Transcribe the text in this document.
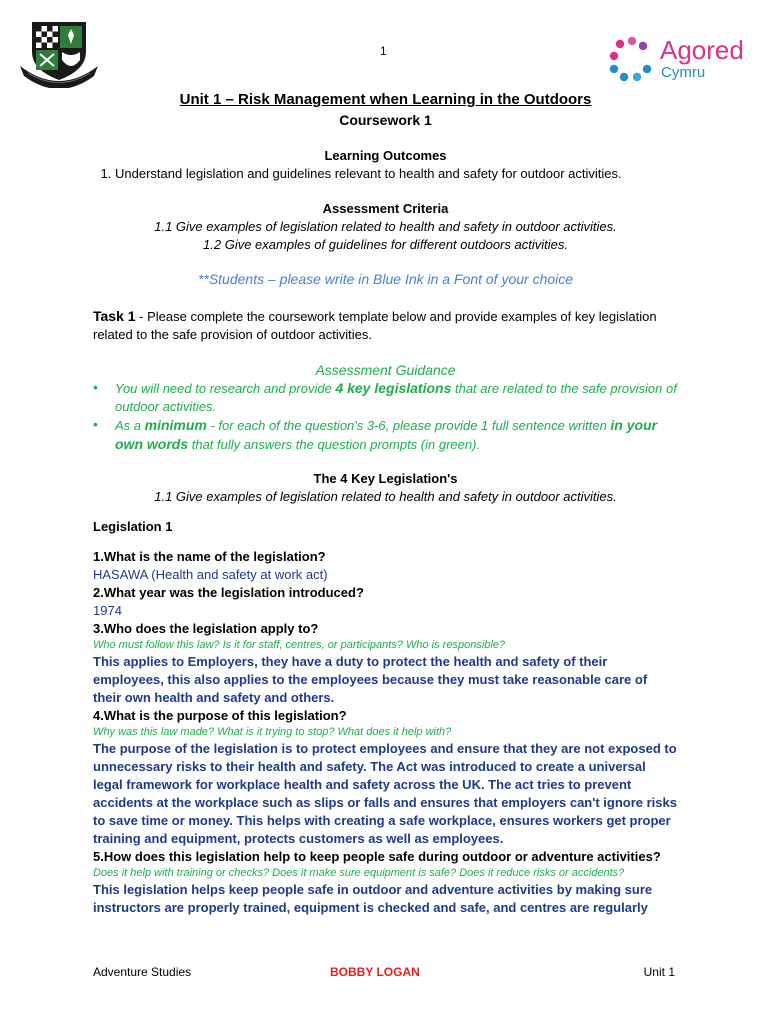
1	Agored
Cymru
Unit 1 – Risk Management when Learning in the Outdoors
Coursework 1
Learning Outcomes
1. Understand legislation and guidelines relevant to health and safety for outdoor activities.
Assessment Criteria
1.1 Give examples of legislation related to health and safety in outdoor activities.
1.2 Give examples of guidelines for different outdoors activities.
**Students – please write in Blue Ink in a Font of your choice
Task 1 - Please complete the coursework template below and provide examples of key legislation related to the safe provision of outdoor activities.
Assessment Guidance
• You will need to research and provide 4 key legislations that are related to the safe provision of outdoor activities.
• As a minimum - for each of the question's 3-6, please provide 1 full sentence written in your own words that fully answers the question prompts (in green).
The 4 Key Legislation's
1.1 Give examples of legislation related to health and safety in outdoor activities.
Legislation 1
1.What is the name of the legislation?
HASAWA (Health and safety at work act)
2.What year was the legislation introduced?
1974
3.Who does the legislation apply to?
Who must follow this law? Is it for staff, centres, or participants? Who is responsible?
This applies to Employers, they have a duty to protect the health and safety of their employees, this also applies to the employees because they must take reasonable care of their own health and safety and others.
4.What is the purpose of this legislation?
Why was this law made? What is it trying to stop? What does it help with?
The purpose of the legislation is to protect employees and ensure that they are not exposed to unnecessary risks to their health and safety. The Act was introduced to create a universal legal framework for workplace health and safety across the UK. The act tries to prevent accidents at the workplace such as slips or falls and ensures that employers can't ignore risks to save time or money. This helps with creating a safe workplace, ensures workers get proper training and equipment, protects customers as well as employees.
5.How does this legislation help to keep people safe during outdoor or adventure activities?
Does it help with training or checks? Does it make sure equipment is safe? Does it reduce risks or accidents?
This legislation helps keep people safe in outdoor and adventure activities by making sure instructors are properly trained, equipment is checked and safe, and centres are regularly
Adventure Studies	BOBBY LOGAN	Unit 1
